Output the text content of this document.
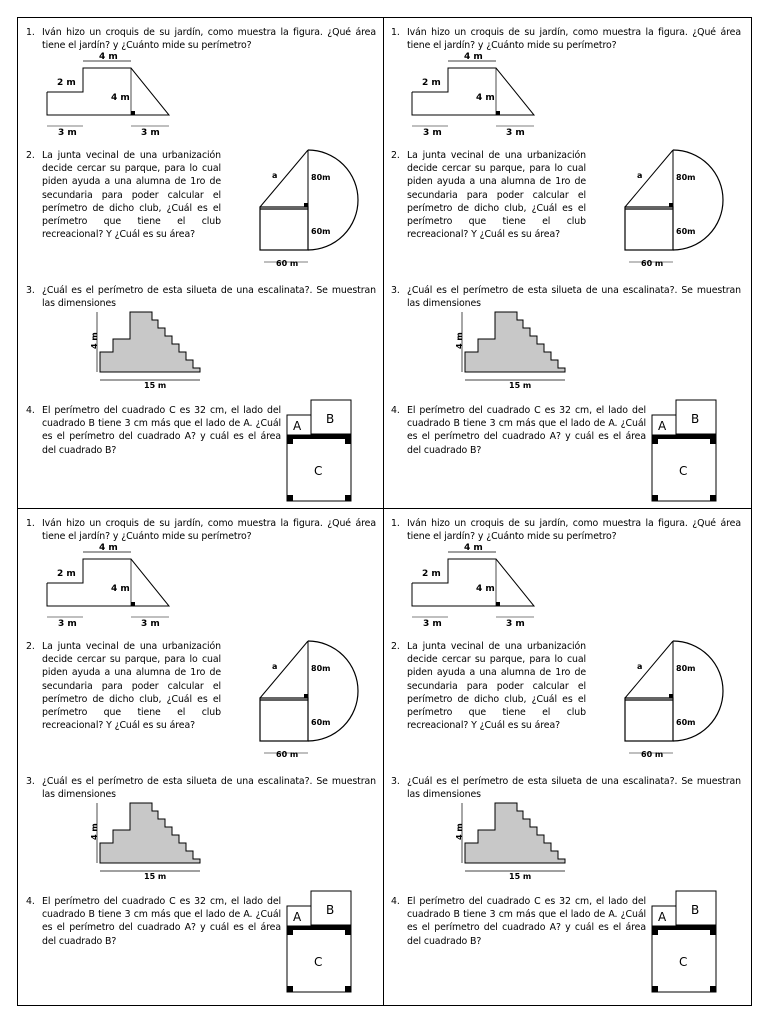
1. Iván hizo un croquis de su jardín, como muestra la figura. ¿Qué área tiene el jardín? y ¿Cuánto mide su perímetro?
4 m
2 m
4 m
3 m	3 m
2. La junta vecinal de una urbanización decide cercar su parque, para lo cual piden ayuda a una alumna de 1ro de secundaria para poder calcular el perímetro de dicho club, ¿Cuál es el perímetro que tiene el club recreacional? Y ¿Cuál es su área?
a	80m
60m
60 m
3. ¿Cuál es el perímetro de esta silueta de una escalinata?. Se muestran las dimensiones
4 m
15 m
4. El perímetro del cuadrado C es 32 cm, el lado del cuadrado B tiene 3 cm más que el lado de A. ¿Cuál es el perímetro del cuadrado A? y cuál es el área del cuadrado B?
A B
C
1. Iván hizo un croquis de su jardín, como muestra la figura. ¿Qué área tiene el jardín? y ¿Cuánto mide su perímetro?
4 m
2 m
4 m
3 m	3 m
2. La junta vecinal de una urbanización decide cercar su parque, para lo cual piden ayuda a una alumna de 1ro de secundaria para poder calcular el perímetro de dicho club, ¿Cuál es el perímetro que tiene el club recreacional? Y ¿Cuál es su área?
a	80m
60m
60 m
3. ¿Cuál es el perímetro de esta silueta de una escalinata?. Se muestran las dimensiones
4 m
15 m
4. El perímetro del cuadrado C es 32 cm, el lado del cuadrado B tiene 3 cm más que el lado de A. ¿Cuál es el perímetro del cuadrado A? y cuál es el área del cuadrado B?
A B
C
1. Iván hizo un croquis de su jardín, como muestra la figura. ¿Qué área tiene el jardín? y ¿Cuánto mide su perímetro?
4 m
2 m
4 m
3 m	3 m
2. La junta vecinal de una urbanización decide cercar su parque, para lo cual piden ayuda a una alumna de 1ro de secundaria para poder calcular el perímetro de dicho club, ¿Cuál es el perímetro que tiene el club recreacional? Y ¿Cuál es su área?
a	80m
60m
60 m
3. ¿Cuál es el perímetro de esta silueta de una escalinata?. Se muestran las dimensiones
4 m
15 m
4. El perímetro del cuadrado C es 32 cm, el lado del cuadrado B tiene 3 cm más que el lado de A. ¿Cuál es el perímetro del cuadrado A? y cuál es el área del cuadrado B?
A B
C
1. Iván hizo un croquis de su jardín, como muestra la figura. ¿Qué área tiene el jardín? y ¿Cuánto mide su perímetro?
4 m
2 m
4 m
3 m	3 m
2. La junta vecinal de una urbanización decide cercar su parque, para lo cual piden ayuda a una alumna de 1ro de secundaria para poder calcular el perímetro de dicho club, ¿Cuál es el perímetro que tiene el club recreacional? Y ¿Cuál es su área?
a	80m
60m
60 m
3. ¿Cuál es el perímetro de esta silueta de una escalinata?. Se muestran las dimensiones
4 m
15 m
4. El perímetro del cuadrado C es 32 cm, el lado del cuadrado B tiene 3 cm más que el lado de A. ¿Cuál es el perímetro del cuadrado A? y cuál es el área del cuadrado B?
A B
C
